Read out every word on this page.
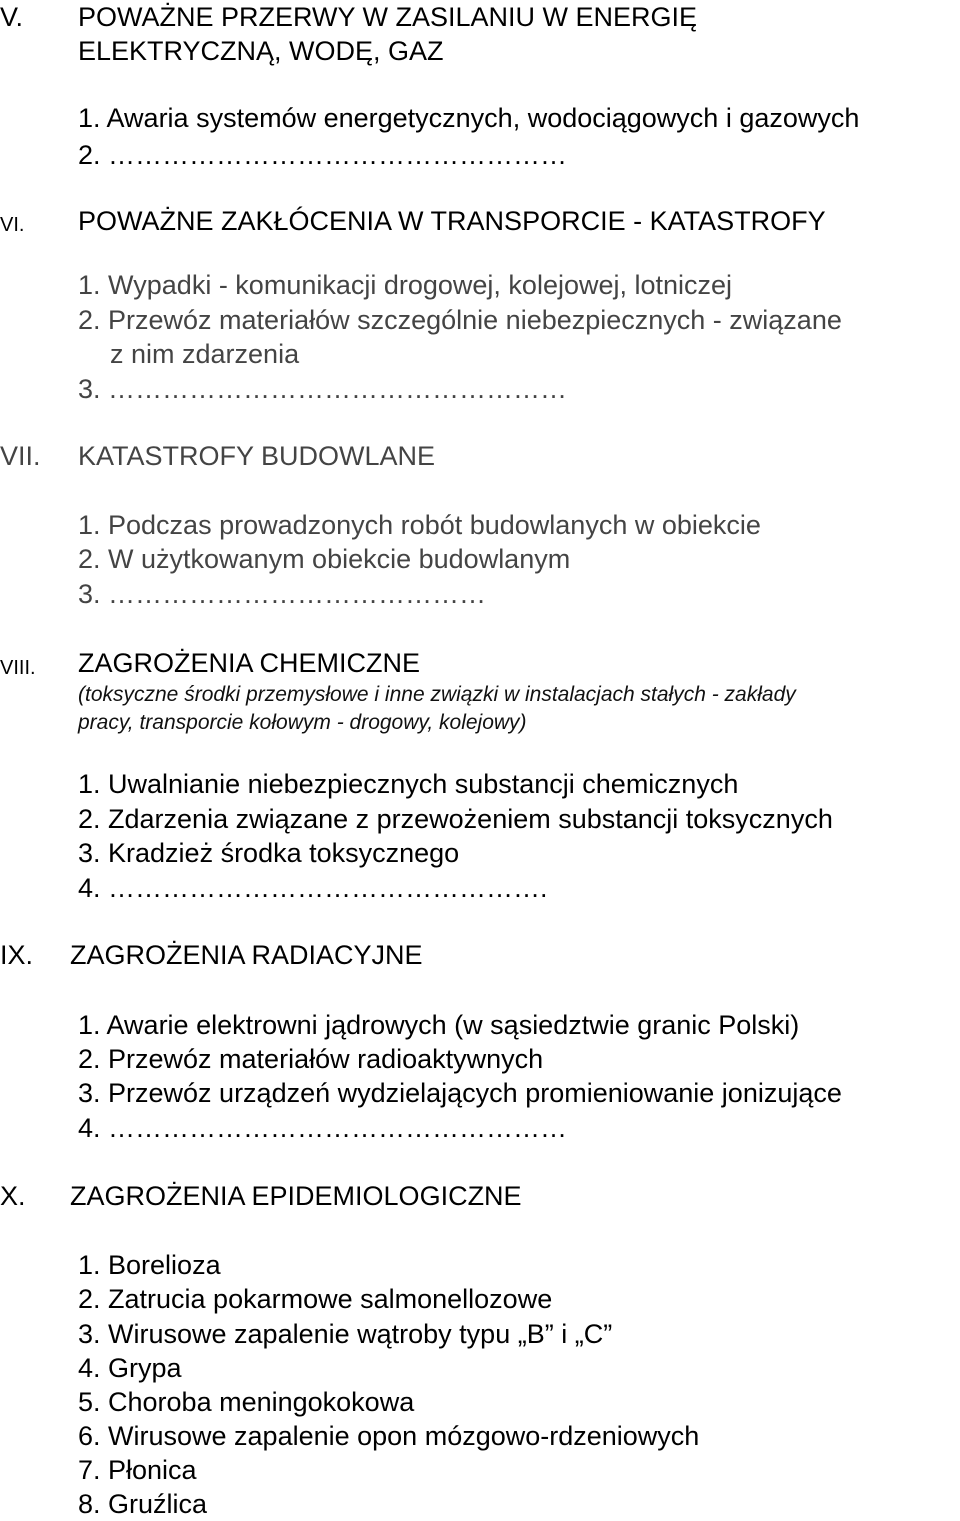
V. POWAŻNE PRZERWY W ZASILANIU W ENERGIĘ
ELEKTRYCZNĄ, WODĘ, GAZ
1. Awaria systemów energetycznych, wodociągowych i gazowych
2. ……………………………………………
VI. POWAŻNE ZAKŁÓCENIA W TRANSPORCIE - KATASTROFY
1. Wypadki - komunikacji drogowej, kolejowej, lotniczej
2. Przewóz materiałów szczególnie niebezpiecznych - związane
z nim zdarzenia
3. ……………………………………………
VII. KATASTROFY BUDOWLANE
1. Podczas prowadzonych robót budowlanych w obiekcie
2. W użytkowanym obiekcie budowlanym
3. ……………………………………
VIII. ZAGROŻENIA CHEMICZNE
(toksyczne środki przemysłowe i inne związki w instalacjach stałych - zakłady
pracy, transporcie kołowym - drogowy, kolejowy)
1. Uwalnianie niebezpiecznych substancji chemicznych
2. Zdarzenia związane z przewożeniem substancji toksycznych
3. Kradzież środka toksycznego
4. ………………………………………….
IX. ZAGROŻENIA RADIACYJNE
1. Awarie elektrowni jądrowych (w sąsiedztwie granic Polski)
2. Przewóz materiałów radioaktywnych
3. Przewóz urządzeń wydzielających promieniowanie jonizujące
4. ……………………………………………
X. ZAGROŻENIA EPIDEMIOLOGICZNE
1. Borelioza
2. Zatrucia pokarmowe salmonellozowe
3. Wirusowe zapalenie wątroby typu „B” i „C”
4. Grypa
5. Choroba meningokokowa
6. Wirusowe zapalenie opon mózgowo-rdzeniowych
7. Płonica
8. Gruźlica
